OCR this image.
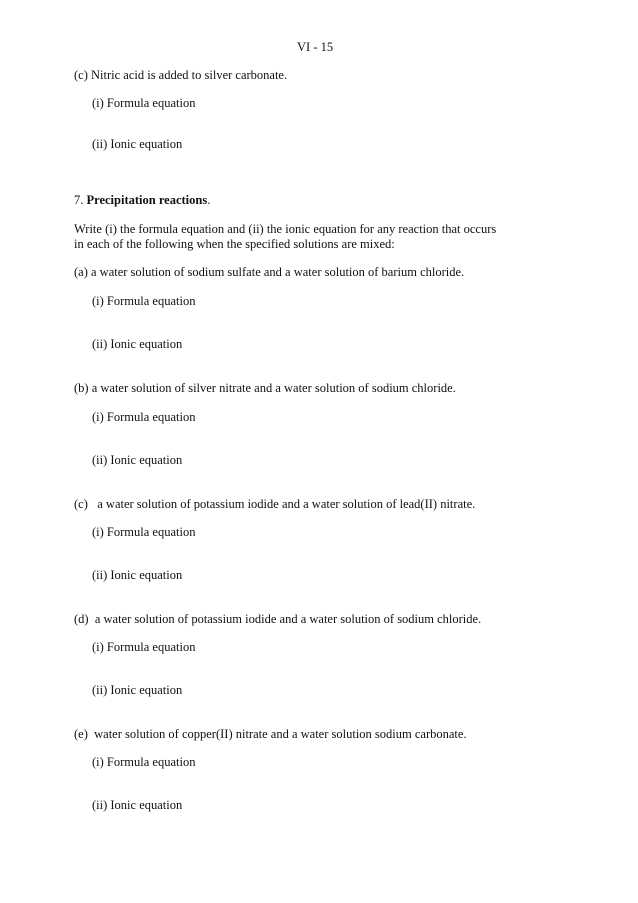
VI - 15
(c) Nitric acid is added to silver carbonate.
(i) Formula equation
(ii) Ionic equation
7. Precipitation reactions.
Write (i) the formula equation and (ii) the ionic equation for any reaction that occurs
in each of the following when the specified solutions are mixed:
(a) a water solution of sodium sulfate and a water solution of barium chloride.
(i) Formula equation
(ii) Ionic equation
(b) a water solution of silver nitrate and a water solution of sodium chloride.
(i) Formula equation
(ii) Ionic equation
(c)   a water solution of potassium iodide and a water solution of lead(II) nitrate.
(i) Formula equation
(ii) Ionic equation
(d)  a water solution of potassium iodide and a water solution of sodium chloride.
(i) Formula equation
(ii) Ionic equation
(e)  water solution of copper(II) nitrate and a water solution sodium carbonate.
(i) Formula equation
(ii) Ionic equation
